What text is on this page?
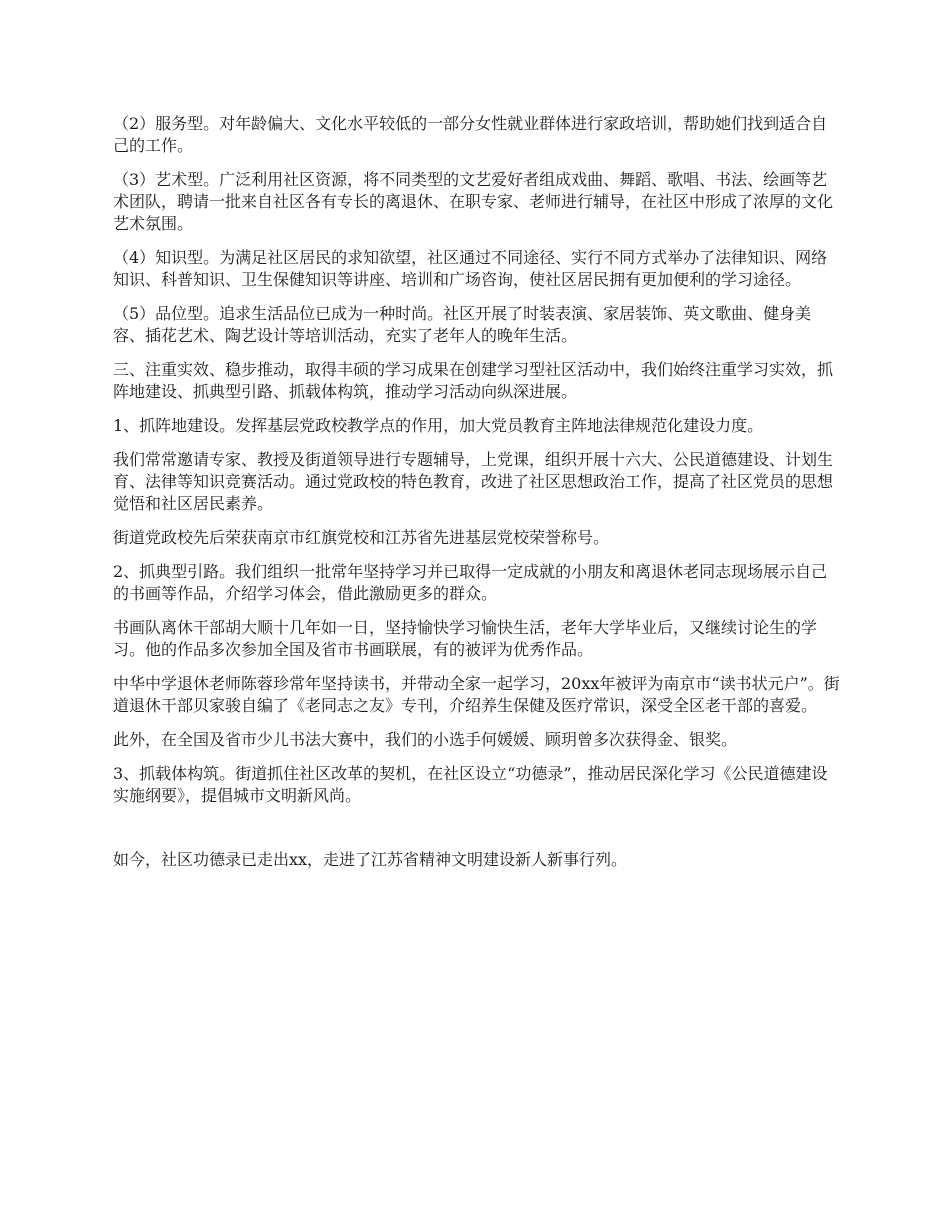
（2）服务型。对年龄偏大、文化水平较低的一部分女性就业群体进行家政培训，帮助她们找到适合自己的工作。

（3）艺术型。广泛利用社区资源，将不同类型的文艺爱好者组成戏曲、舞蹈、歌唱、书法、绘画等艺术团队，聘请一批来自社区各有专长的离退休、在职专家、老师进行辅导，在社区中形成了浓厚的文化艺术氛围。

（4）知识型。为满足社区居民的求知欲望，社区通过不同途径、实行不同方式举办了法律知识、网络知识、科普知识、卫生保健知识等讲座、培训和广场咨询，使社区居民拥有更加便利的学习途径。

（5）品位型。追求生活品位已成为一种时尚。社区开展了时装表演、家居装饰、英文歌曲、健身美容、插花艺术、陶艺设计等培训活动，充实了老年人的晚年生活。

三、注重实效、稳步推动，取得丰硕的学习成果在创建学习型社区活动中，我们始终注重学习实效，抓阵地建设、抓典型引路、抓载体构筑，推动学习活动向纵深进展。

1、抓阵地建设。发挥基层党政校教学点的作用，加大党员教育主阵地法律规范化建设力度。

我们常常邀请专家、教授及街道领导进行专题辅导，上党课，组织开展十六大、公民道德建设、计划生育、法律等知识竞赛活动。通过党政校的特色教育，改进了社区思想政治工作，提高了社区党员的思想觉悟和社区居民素养。

街道党政校先后荣获南京市红旗党校和江苏省先进基层党校荣誉称号。

2、抓典型引路。我们组织一批常年坚持学习并已取得一定成就的小朋友和离退休老同志现场展示自己的书画等作品，介绍学习体会，借此激励更多的群众。

书画队离休干部胡大顺十几年如一日，坚持愉快学习愉快生活，老年大学毕业后，又继续讨论生的学习。他的作品多次参加全国及省市书画联展，有的被评为优秀作品。

中华中学退休老师陈蓉珍常年坚持读书，并带动全家一起学习，20xx年被评为南京市“读书状元户”。街道退休干部贝家骏自编了《老同志之友》专刊，介绍养生保健及医疗常识，深受全区老干部的喜爱。

此外，在全国及省市少儿书法大赛中，我们的小选手何媛媛、顾玥曾多次获得金、银奖。

3、抓载体构筑。街道抓住社区改革的契机，在社区设立“功德录”，推动居民深化学习《公民道德建设实施纲要》，提倡城市文明新风尚。

如今，社区功德录已走出xx，走进了江苏省精神文明建设新人新事行列。
